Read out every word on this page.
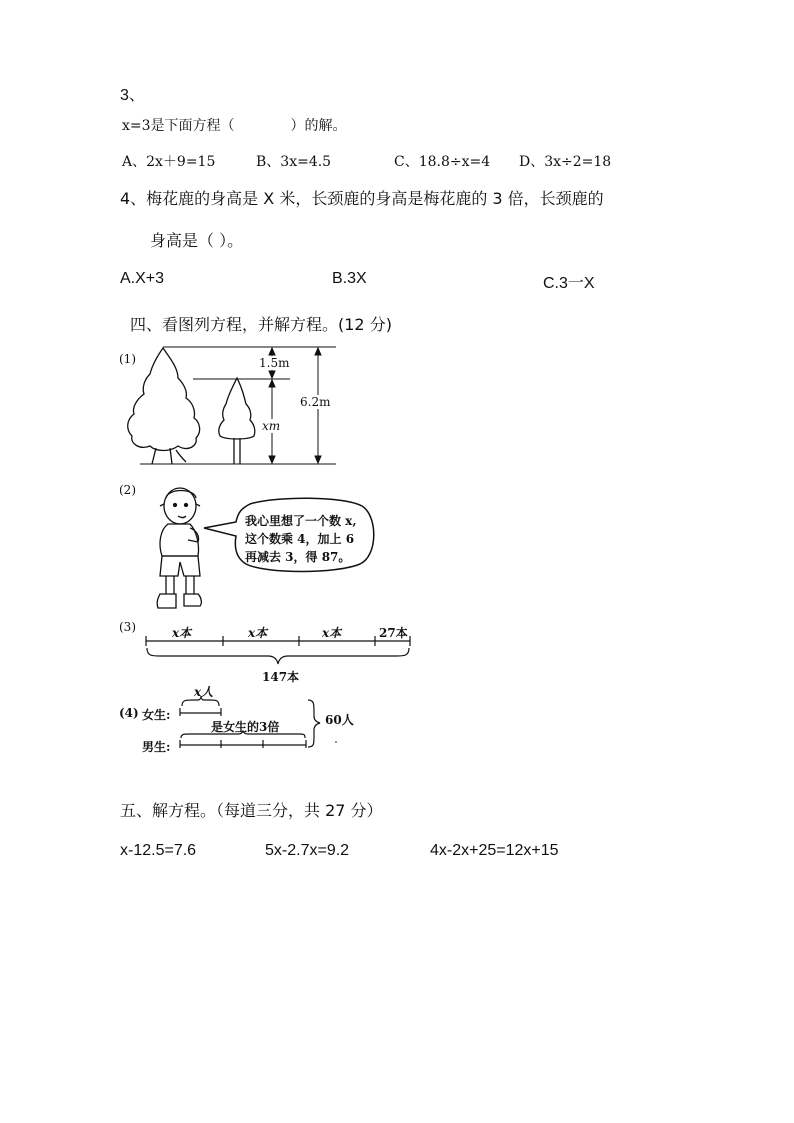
3、
x=3是下面方程（　　　　）的解。
A、2x＋9=15	B、3x=4.5	C、18.8÷x=4 D、3x÷2=18
4、梅花鹿的身高是 X 米，长颈鹿的身高是梅花鹿的 3 倍，长颈鹿的
身高是（ ）。
A.X+3	B.3X	C.3一X
四、看图列方程，并解方程。(12 分)
(1)	1.5m
xm
6.2m
(2)
我心里想了一个数 x,
这个数乘 4，加上 6
再减去 3，得 87。
(3)	x本	x本	x本	27本
147本
(4) 女生:
男生:
x人
是女生的3倍	60人
五、解方程。（每道三分，共 27 分）
x-12.5=7.6	5x-2.7x=9.2	4x-2x+25=12x+15
